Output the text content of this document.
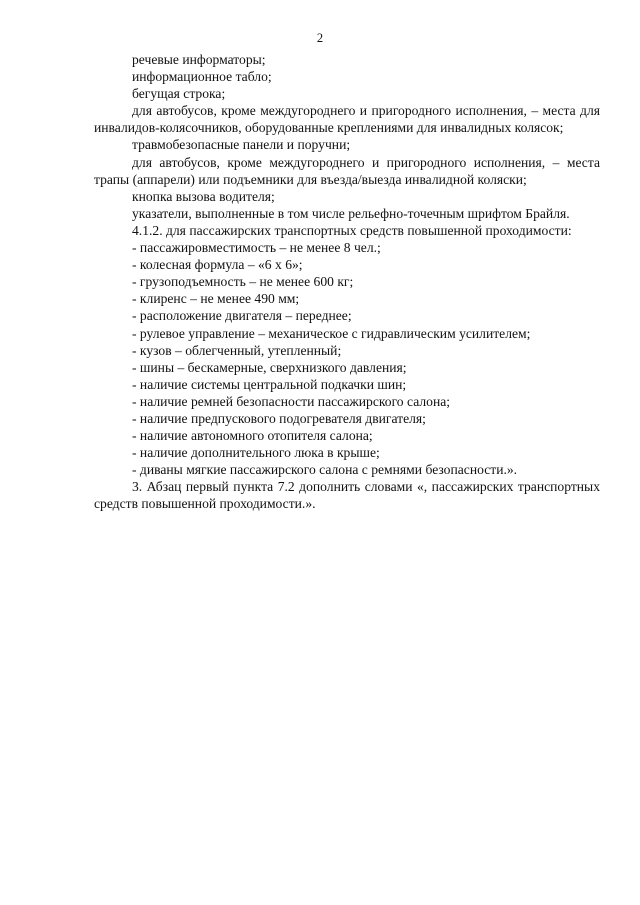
2

речевые информаторы;

информационное табло;

бегущая строка;

для автобусов, кроме междугороднего и пригородного исполнения, – места для инвалидов-колясочников, оборудованные креплениями для инвалидных колясок;

травмобезопасные панели и поручни;

для автобусов, кроме междугороднего и пригородного исполнения, – места трапы (аппарели) или подъемники для въезда/выезда инвалидной коляски;

кнопка вызова водителя;

указатели, выполненные в том числе рельефно-точечным шрифтом Брайля.

4.1.2. для пассажирских транспортных средств повышенной проходимости:

- пассажировместимость – не менее 8 чел.;

- колесная формула – «6 х 6»;

- грузоподъемность – не менее 600 кг;

- клиренс – не менее 490 мм;

- расположение двигателя – переднее;

- рулевое управление – механическое с гидравлическим усилителем;

- кузов – облегченный, утепленный;

- шины – бескамерные, сверхнизкого давления;

- наличие системы центральной подкачки шин;

- наличие ремней безопасности пассажирского салона;

- наличие предпускового подогревателя двигателя;

- наличие автономного отопителя салона;

- наличие дополнительного люка в крыше;

- диваны мягкие пассажирского салона с ремнями безопасности.».

3. Абзац первый пункта 7.2 дополнить словами «, пассажирских транспортных средств повышенной проходимости.».
